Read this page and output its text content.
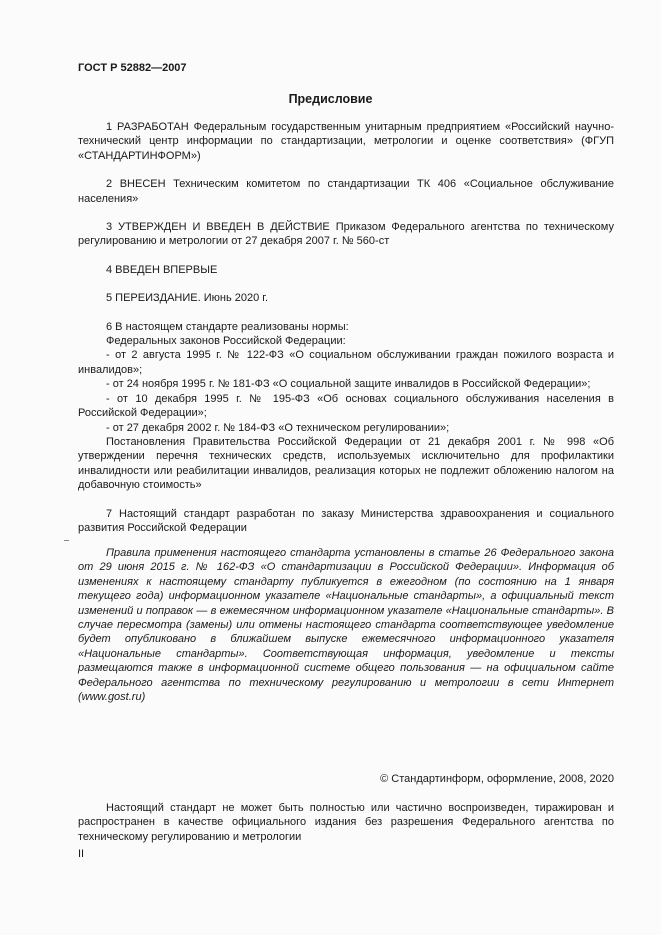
ГОСТ Р 52882—2007
Предисловие

1 РАЗРАБОТАН Федеральным государственным унитарным предприятием «Российский научно-технический центр информации по стандартизации, метрологии и оценке соответствия» (ФГУП «СТАНДАРТИНФОРМ»)

2 ВНЕСЕН Техническим комитетом по стандартизации ТК 406 «Социальное обслуживание населения»

3 УТВЕРЖДЕН И ВВЕДЕН В ДЕЙСТВИЕ Приказом Федерального агентства по техническому регулированию и метрологии от 27 декабря 2007 г. № 560-ст

4 ВВЕДЕН ВПЕРВЫЕ

5 ПЕРЕИЗДАНИЕ. Июнь 2020 г.

6 В настоящем стандарте реализованы нормы:

Федеральных законов Российской Федерации:

- от 2 августа 1995 г. № 122-ФЗ «О социальном обслуживании граждан пожилого возраста и инвалидов»;

- от 24 ноября 1995 г. № 181-ФЗ «О социальной защите инвалидов в Российской Федерации»;

- от 10 декабря 1995 г. № 195-ФЗ «Об основах социального обслуживания населения в Российской Федерации»;

- от 27 декабря 2002 г. № 184-ФЗ «О техническом регулировании»;

Постановления Правительства Российской Федерации от 21 декабря 2001 г. № 998 «Об утверждении перечня технических средств, используемых исключительно для профилактики инвалидности или реабилитации инвалидов, реализация которых не подлежит обложению налогом на добавочную стоимость»

7 Настоящий стандарт разработан по заказу Министерства здравоохранения и социального развития Российской Федерации

Правила применения настоящего стандарта установлены в статье 26 Федерального закона от 29 июня 2015 г. № 162-ФЗ «О стандартизации в Российской Федерации». Информация об изменениях к настоящему стандарту публикуется в ежегодном (по состоянию на 1 января текущего года) информационном указателе «Национальные стандарты», а официальный текст изменений и поправок — в ежемесячном информационном указателе «Национальные стандарты». В случае пересмотра (замены) или отмены настоящего стандарта соответствующее уведомление будет опубликовано в ближайшем выпуске ежемесячного информационного указателя «Национальные стандарты». Соответствующая информация, уведомление и тексты размещаются также в информационной системе общего пользования — на официальном сайте Федерального агентства по техническому регулированию и метрологии в сети Интернет (www.gost.ru)

© Стандартинформ, оформление, 2008, 2020

Настоящий стандарт не может быть полностью или частично воспроизведен, тиражирован и распространен в качестве официального издания без разрешения Федерального агентства по техническому регулированию и метрологии

II
